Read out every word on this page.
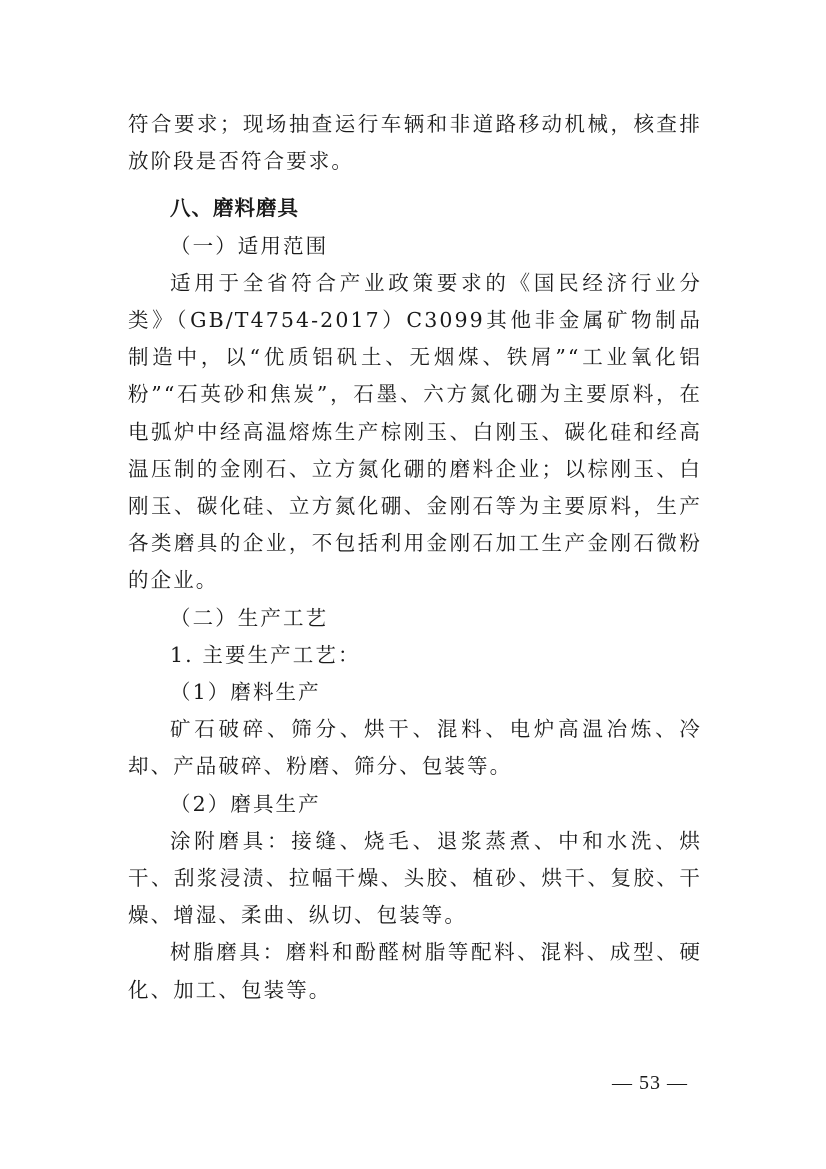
符合要求；现场抽查运行车辆和非道路移动机械，核查排放阶段是否符合要求。

八、磨料磨具

（一）适用范围

适用于全省符合产业政策要求的《国民经济行业分类》（GB/T4754-2017）C3099其他非金属矿物制品制造中，以“优质铝矾土、无烟煤、铁屑”“工业氧化铝粉”“石英砂和焦炭”，石墨、六方氮化硼为主要原料，在电弧炉中经高温熔炼生产棕刚玉、白刚玉、碳化硅和经高温压制的金刚石、立方氮化硼的磨料企业；以棕刚玉、白刚玉、碳化硅、立方氮化硼、金刚石等为主要原料，生产各类磨具的企业，不包括利用金刚石加工生产金刚石微粉的企业。

（二）生产工艺

1. 主要生产工艺：

（1）磨料生产

矿石破碎、筛分、烘干、混料、电炉高温冶炼、冷却、产品破碎、粉磨、筛分、包装等。

（2）磨具生产

涂附磨具：接缝、烧毛、退浆蒸煮、中和水洗、烘干、刮浆浸渍、拉幅干燥、头胶、植砂、烘干、复胶、干燥、增湿、柔曲、纵切、包装等。

树脂磨具：磨料和酚醛树脂等配料、混料、成型、硬化、加工、包装等。

— 53 —
